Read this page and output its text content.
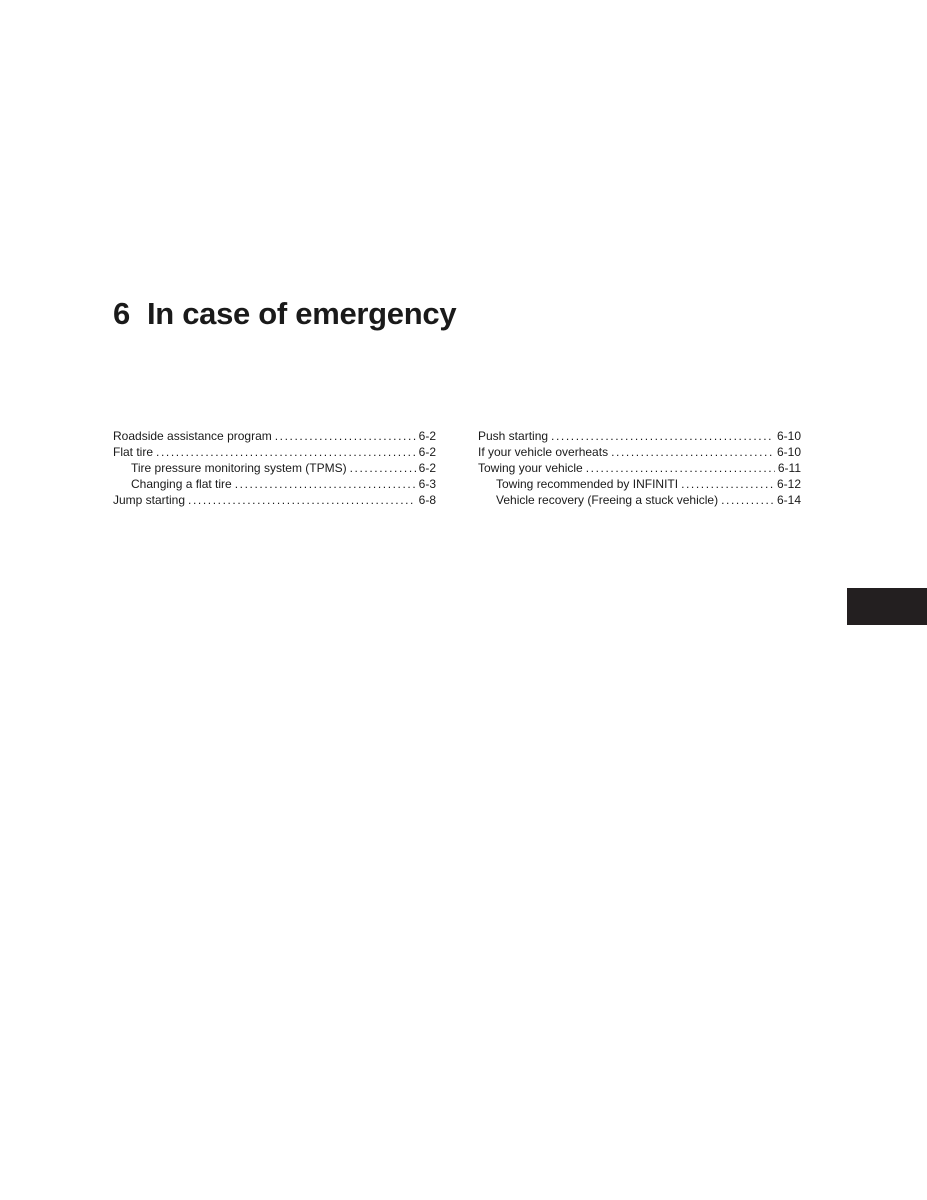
6 In case of emergency
Roadside assistance program .....	6-2
Flat tire .....	6-2
Tire pressure monitoring system (TPMS) .....	6-2
Changing a flat tire .....	6-3
Jump starting .....	6-8
Push starting .....	6-10
If your vehicle overheats .....	6-10
Towing your vehicle .....	6-11
Towing recommended by INFINITI .....	6-12
Vehicle recovery (Freeing a stuck vehicle) .....	6-14
